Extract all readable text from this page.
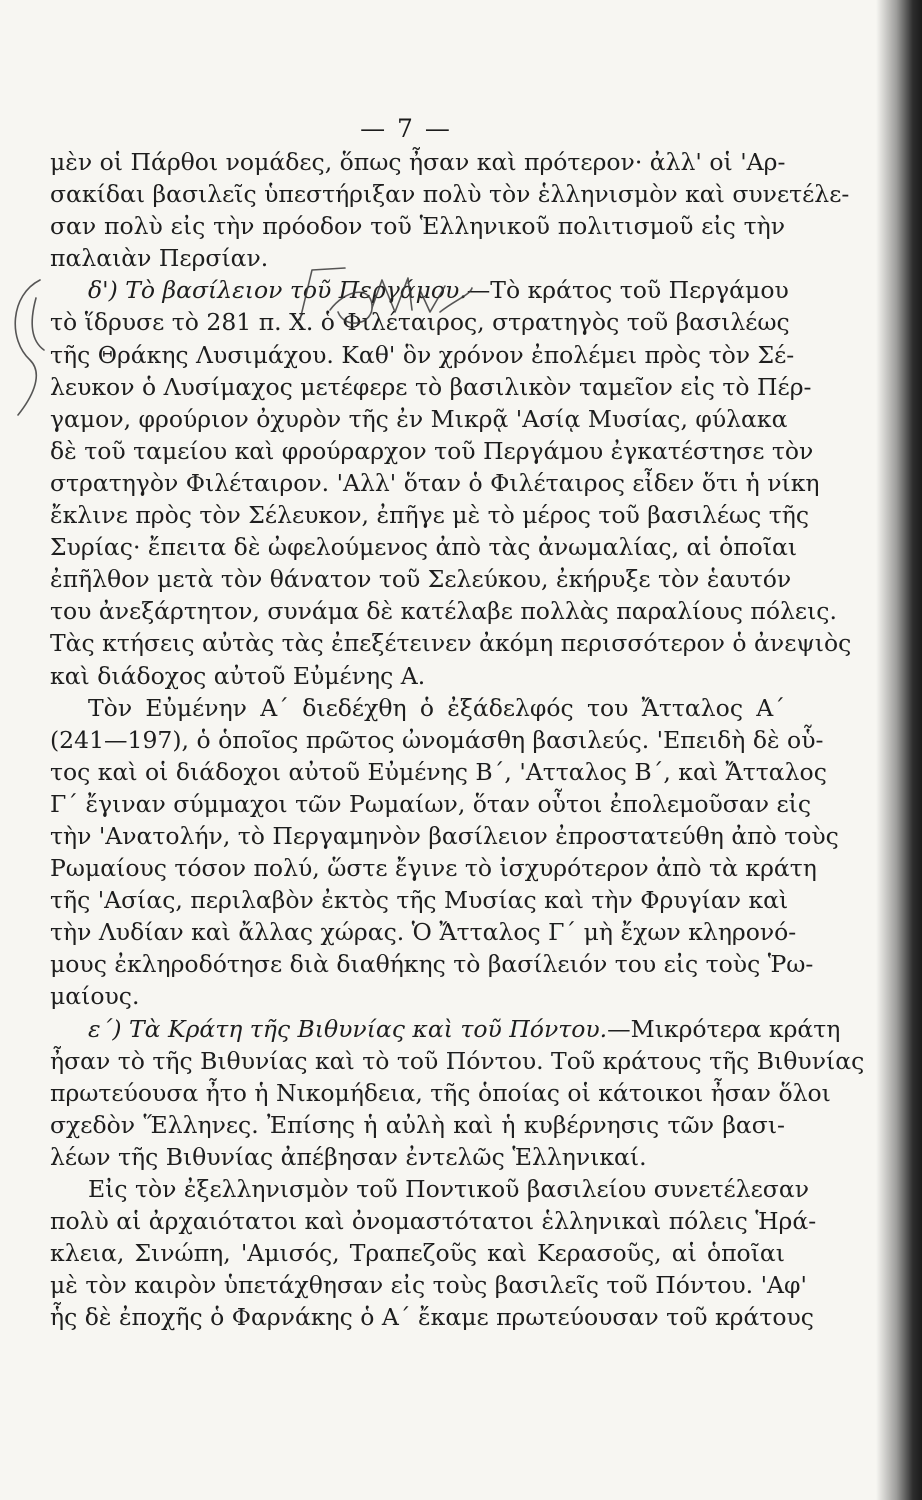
— 7 —
μὲν οἱ Πάρθοι νομάδες, ὅπως ἦσαν καὶ πρότερον· ἀλλ' οἱ 'Αρ-
σακίδαι βασιλεῖς ὑπεστήριξαν πολὺ τὸν ἑλληνισμὸν καὶ συνετέλε-
σαν πολὺ εἰς τὴν πρόοδον τοῦ Ἑλληνικοῦ πολιτισμοῦ εἰς τὴν
παλαιὰν Περσίαν.
δ') Τὸ βασίλειον τοῦ Περγάμου.—Τὸ κράτος τοῦ Περγάμου
τὸ ἵδρυσε τὸ 281 π. Χ. ὁ Φιλέταιρος, στρατηγὸς τοῦ βασιλέως
τῆς Θράκης Λυσιμάχου. Καθ' ὃν χρόνον ἐπολέμει πρὸς τὸν Σέ-
λευκον ὁ Λυσίμαχος μετέφερε τὸ βασιλικὸν ταμεῖον εἰς τὸ Πέρ-
γαμον, φρούριον ὀχυρὸν τῆς ἐν Μικρᾷ 'Ασίᾳ Μυσίας, φύλακα
δὲ τοῦ ταμείου καὶ φρούραρχον τοῦ Περγάμου ἐγκατέστησε τὸν
στρατηγὸν Φιλέταιρον. 'Αλλ' ὅταν ὁ Φιλέταιρος εἶδεν ὅτι ἡ νίκη
ἔκλινε πρὸς τὸν Σέλευκον, ἐπῆγε μὲ τὸ μέρος τοῦ βασιλέως τῆς
Συρίας· ἔπειτα δὲ ὠφελούμενος ἀπὸ τὰς ἀνωμαλίας, αἱ ὁποῖαι
ἐπῆλθον μετὰ τὸν θάνατον τοῦ Σελεύκου, ἐκήρυξε τὸν ἑαυτόν
του ἀνεξάρτητον, συνάμα δὲ κατέλαβε πολλὰς παραλίους πόλεις.
Τὰς κτήσεις αὐτὰς τὰς ἐπεξέτεινεν ἀκόμη περισσότερον ὁ ἀνεψιὸς
καὶ διάδοχος αὐτοῦ Εὐμένης Α.
Τὸν Εὐμένην Α΄ διεδέχθη ὁ ἐξάδελφός του Ἄτταλος Α΄
(241—197), ὁ ὁποῖος πρῶτος ὠνομάσθη βασιλεύς. 'Επειδὴ δὲ οὗ-
τος καὶ οἱ διάδοχοι αὐτοῦ Εὐμένης Β΄, 'Ατταλος Β΄, καὶ Ἄτταλος
Γ΄ ἔγιναν σύμμαχοι τῶν Ρωμαίων, ὅταν οὗτοι ἐπολεμοῦσαν εἰς
τὴν 'Ανατολήν, τὸ Περγαμηνὸν βασίλειον ἐπροστατεύθη ἀπὸ τοὺς
Ρωμαίους τόσον πολύ, ὥστε ἔγινε τὸ ἰσχυρότερον ἀπὸ τὰ κράτη
τῆς 'Ασίας, περιλαβὸν ἐκτὸς τῆς Μυσίας καὶ τὴν Φρυγίαν καὶ
τὴν Λυδίαν καὶ ἄλλας χώρας. Ὁ Ἄτταλος Γ΄ μὴ ἔχων κληρονό-
μους ἐκληροδότησε διὰ διαθήκης τὸ βασίλειόν του εἰς τοὺς Ῥω-
μαίους.
ε΄) Τὰ Κράτη τῆς Βιθυνίας καὶ τοῦ Πόντου.—Μικρότερα κράτη
ἦσαν τὸ τῆς Βιθυνίας καὶ τὸ τοῦ Πόντου. Τοῦ κράτους τῆς Βιθυνίας
πρωτεύουσα ἦτο ἡ Νικομήδεια, τῆς ὁποίας οἱ κάτοικοι ἦσαν ὅλοι
σχεδὸν Ἕλληνες. Ἐπίσης ἡ αὐλὴ καὶ ἡ κυβέρνησις τῶν βασι-
λέων τῆς Βιθυνίας ἀπέβησαν ἐντελῶς Ἑλληνικαί.
Εἰς τὸν ἐξελληνισμὸν τοῦ Ποντικοῦ βασιλείου συνετέλεσαν
πολὺ αἱ ἀρχαιότατοι καὶ ὀνομαστότατοι ἑλληνικαὶ πόλεις Ἡρά-
κλεια, Σινώπη, 'Αμισός, Τραπεζοῦς καὶ Κερασοῦς, αἱ ὁποῖαι
μὲ τὸν καιρὸν ὑπετάχθησαν εἰς τοὺς βασιλεῖς τοῦ Πόντου. 'Αφ'
ἧς δὲ ἐποχῆς ὁ Φαρνάκης ὁ Α΄ ἔκαμε πρωτεύουσαν τοῦ κράτους
